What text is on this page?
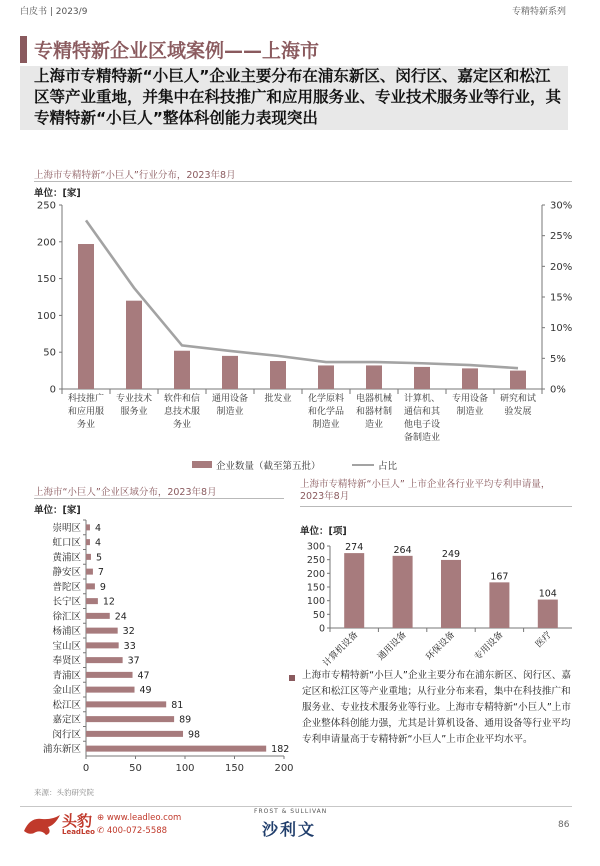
白皮书 | 2023/9	专精特新系列
专精特新企业区域案例——上海市
上海市专精特新“小巨人”企业主要分布在浦东新区、闵行区、嘉定区和松江区等产业重地，并集中在科技推广和应用服务业、专业技术服务业等行业，其专精特新“小巨人”整体科创能力表现突出
上海市专精特新“小巨人”行业分布，2023年8月
单位：[家]
0
50
100
150
200
250
0%
5%
10%
15%
20%
25%
30%
科技推广和应用服务业
专业技术服务业
软件和信息技术服务业
通用设备制造业
批发业 化学原料和化学品制造业
电器机械和器材制造业
计算机、通信和其他电子设备制造业
专用设备制造业
研究和试验发展
0	50	100	150	200
崇明区 4
虹口区 4
黄浦区 5
静安区 7
普陀区 9
长宁区 12
徐汇区	24
杨浦区	32
宝山区	33
奉贤区	37
青浦区	47
金山区	49
松江区	81
嘉定区	89
闵行区	98
浦东新区	182
0
50
100
150
200
250
300 274
计算机设备
264
通用设备
249
环保设备
167
专用设备
104
医疗
企业数量（截至第五批）	占比
上海市“小巨人”企业区域分布，2023年8月
单位：[家]
上海市专精特新“小巨人” 上市企业各行业平均专利申请量，2023年8月
单位：[项]
上海市专精特新“小巨人”企业主要分布在浦东新区、闵行区、嘉定区和松江区等产业重地；从行业分布来看，集中在科技推广和服务业、专业技术服务业等行业。上海市专精特新“小巨人”上市企业整体科创能力强，尤其是计算机设备、通用设备等行业平均专利申请量高于专精特新“小巨人”上市企业平均水平。
来源：头豹研究院
头豹
LeadLeo
⊕ www.leadleo.com
✆ 400-072-5588
FROST & SULLIVAN
沙利文	86
